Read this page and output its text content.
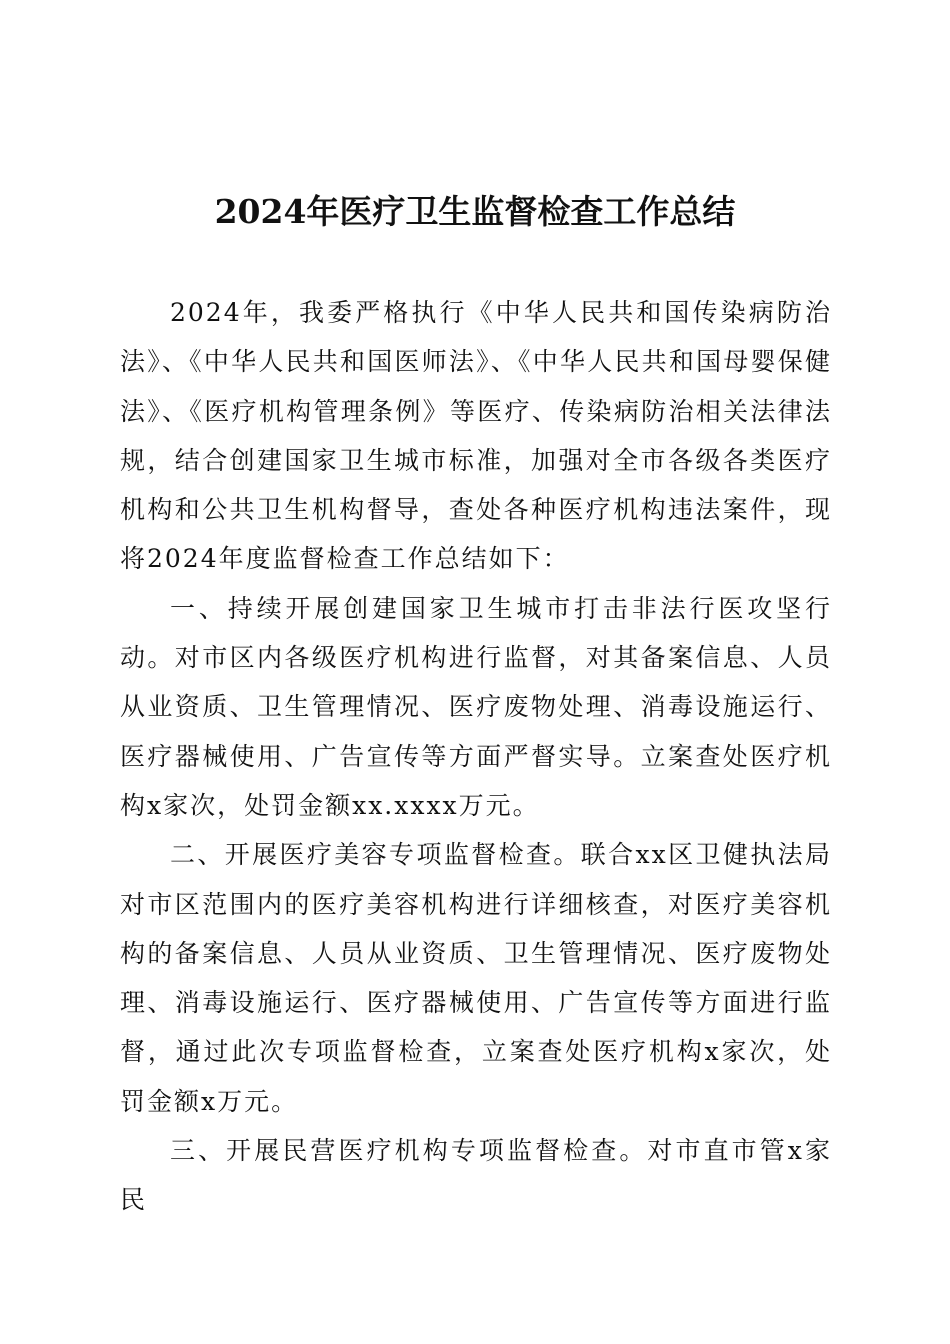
2024年医疗卫生监督检查工作总结

2024年，我委严格执行《中华人民共和国传染病防治法》、《中华人民共和国医师法》、《中华人民共和国母婴保健法》、《医疗机构管理条例》等医疗、传染病防治相关法律法规，结合创建国家卫生城市标准，加强对全市各级各类医疗机构和公共卫生机构督导，查处各种医疗机构违法案件，现将2024年度监督检查工作总结如下：

一、持续开展创建国家卫生城市打击非法行医攻坚行动。对市区内各级医疗机构进行监督，对其备案信息、人员从业资质、卫生管理情况、医疗废物处理、消毒设施运行、医疗器械使用、广告宣传等方面严督实导。立案查处医疗机构x家次，处罚金额xx.xxxx万元。

二、开展医疗美容专项监督检查。联合xx区卫健执法局对市区范围内的医疗美容机构进行详细核查，对医疗美容机构的备案信息、人员从业资质、卫生管理情况、医疗废物处理、消毒设施运行、医疗器械使用、广告宣传等方面进行监督，通过此次专项监督检查，立案查处医疗机构x家次，处罚金额x万元。

三、开展民营医疗机构专项监督检查。对市直市管x家民
